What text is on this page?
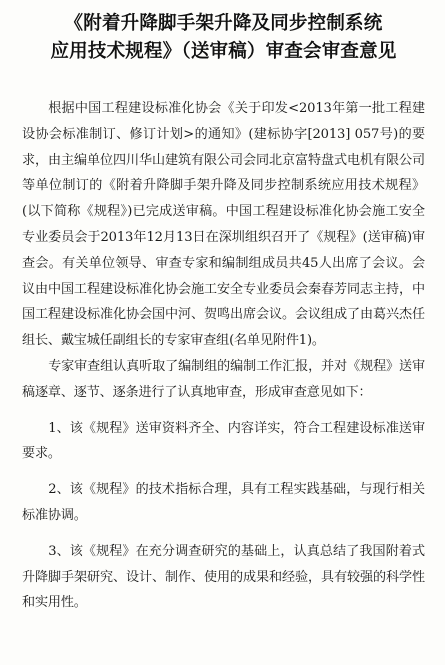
《附着升降脚手架升降及同步控制系统
应用技术规程》（送审稿）审查会审查意见

根据中国工程建设标准化协会《关于印发<2013年第一批工程建设协会标准制订、修订计划>的通知》(建标协字[2013] 057号)的要求，由主编单位四川华山建筑有限公司会同北京富特盘式电机有限公司等单位制订的《附着升降脚手架升降及同步控制系统应用技术规程》(以下简称《规程》)已完成送审稿。中国工程建设标准化协会施工安全专业委员会于2013年12月13日在深圳组织召开了《规程》(送审稿)审查会。有关单位领导、审查专家和编制组成员共45人出席了会议。会议由中国工程建设标准化协会施工安全专业委员会秦春芳同志主持，中国工程建设标准化协会国中河、贺鸣出席会议。会议组成了由葛兴杰任组长、戴宝城任副组长的专家审查组(名单见附件1)。

专家审查组认真听取了编制组的编制工作汇报，并对《规程》送审稿逐章、逐节、逐条进行了认真地审查，形成审查意见如下：

1、该《规程》送审资料齐全、内容详实，符合工程建设标准送审要求。

2、该《规程》的技术指标合理，具有工程实践基础，与现行相关标准协调。

3、该《规程》在充分调查研究的基础上，认真总结了我国附着式升降脚手架研究、设计、制作、使用的成果和经验，具有较强的科学性和实用性。
